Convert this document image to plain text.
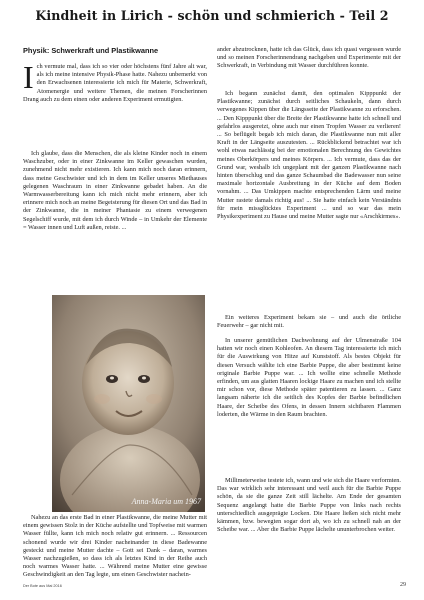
Kindheit in Lirich - schön und schmierich - Teil 2
Physik: Schwerkraft und Plastikwanne
Ich vermute mal, dass ich so vier oder höchstens fünf Jahre alt war, als ich meine intensive Physik-Phase hatte. Nahezu unbemerkt von den Erwachsenen interessierte ich mich für Materie, Schwerkraft, Atomenergie und weitere Themen, die meinen Forscherinnen Drang auch zu dem einen oder anderen Experiment ermutigten.
Ich glaube, dass die Menschen, die als kleine Kinder noch in einem Waschzuber, oder in einer Zinkwanne im Keller gewaschen wurden, zunehmend nicht mehr existieren. Ich kann mich noch daran erinnern, dass meine Geschwister und ich in dem im Keller unseres Miethauses gelegenen Waschraum in einer Zinkwanne gebadet haben. An die Warmwasserbereitung kann ich mich nicht mehr erinnern, aber ich erinnere mich noch an meine Begeisterung für diesen Ort und das Bad in der Zinkwanne, die in meiner Phantasie zu einem verwegenen Segelschiff wurde, mit dem ich durch Winde – in Umkehr der Elemente = Wasser innen und Luft außen, reiste. ...
Anna-Maria um 1967
Nahezu an das erste Bad in einer Plastikwanne, die meine Mutter mit einem gewissen Stolz in der Küche aufstellte und Topfweise mit warmen Wasser füllte, kann ich mich noch relativ gut erinnern. ... Ressourcen schonend wurde wir drei Kinder nacheinander in diese Badewanne gesteckt und meine Mutter dachte – Gott sei Dank – daran, warmes Wasser nachzugießen, so dass ich als letztes Kind in der Reihe auch noch warmes Wasser hatte. ... Während meine Mutter eine gewisse Geschwindigkeit an den Tag legte, um einen Geschwister nachein-
ander abzutrocknen, hatte ich das Glück, dass ich quasi vergessen wurde und so meinen Forscherinnendrang nachgeben und Experimente mit der Schwerkraft, in Verbindung mit Wasser durchführen konnte.
Ich begann zunächst damit, den optimalen Kipppunkt der Plastikwanne; zunächst durch seitliches Schaukeln, dann durch verwegenes Kippen über die Längsseite der Plastikwanne zu erforschen. ... Den Kipppunkt über die Breite der Plastikwanne hatte ich schnell und gefahrlos ausgereizt, ohne auch nur einen Tropfen Wasser zu verlieren! ... So beflügelt begab ich mich daran, die Plastikwanne nun mit aller Kraft in der Längseite auszutesten. ... Rückblickend betrachtet war ich wohl etwas nachlässig bei der emotionalen Berechnung des Gewichtes meines Oberkörpers und meines Körpers. ... Ich vermute, dass das der Grund war, weshalb ich ungeplant mit der ganzen Plastikwanne nach hinten überschlug und das ganze Schaumbad die Badewasser nun seine maximale horizontale Ausbreitung in der Küche auf dem Boden vornahm. ... Das Umkippen machte entsprechenden Lärm und meine Mutter rastete damals richtig aus! ... Sie hatte einfach kein Verständnis für mein missglücktes Experiment ... und so war das mein Physikexperiment zu Hause und meine Mutter sagte nur «Arschkirmes».
Ein weiteres Experiment bekam sie – und auch die örtliche Feuerwehr – gar nicht mit.
In unserer gemütlichen Dachwohnung auf der Ulmenstraße 104 hatten wir noch einen Kohleofen. An diesem Tag interessierte ich mich für die Auswirkung von Hitze auf Kunststoff. Als bestes Objekt für diesen Versuch wählte ich eine Barbie Puppe, die aber bestimmt keine originale Barbie Puppe war. ... Ich wollte eine schnelle Methode erfinden, um aus glatten Haaren lockige Haare zu machen und ich stellte mir schon vor, diese Methode später patentieren zu lassen. ... Ganz langsam näherte ich die seitlich des Kopfes der Barbie befindlichen Haare, der Scheibe des Ofens, in dessen Innern sichtbaren Flammen loderten, die Wärme in den Raum brachten.
Millimeterweise testete ich, wann und wie sich die Haare verformten. Das war wirklich sehr interessant und weil auch für die Barbie Puppe schön, da sie die ganze Zeit still lächelte. Am Ende der gesamten Sequenz angelangt hatte die Barbie Puppe von links nach rechts unterschiedlich ausgeprägte Locken. Die Haare ließen sich nicht mehr kämmen, bzw. bewegten sogar dort ab, wo ich zu schnell nah an der Scheibe war. ... Aber die Barbie Puppe lächelte ununterbrochen weiter.
Der Bote aus Mai 2016	29
